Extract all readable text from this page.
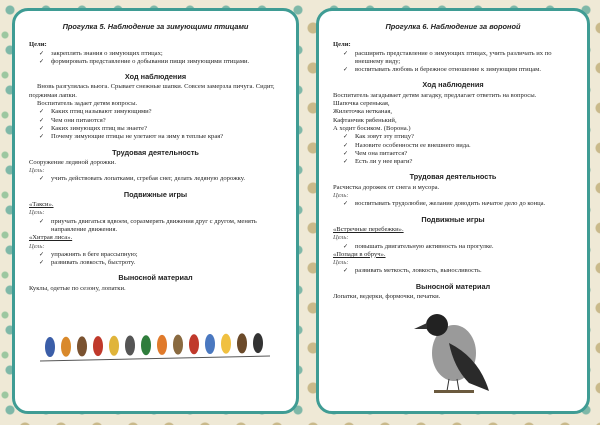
Прогулка 5. Наблюдение за зимующими птицами

Цели:

✓ закреплять знания о зимующих птицах;
✓ формировать представление о добывании пищи зимующими птицами.
Ход наблюдения

Вновь разгулялась вьюга. Срывает снежные шапки. Совсем замерзла пичуга. Сидит, поджимая лапки.

Воспитатель задает детям вопросы.

✓ Каких птиц называют зимующими?
✓ Чем они питаются?
✓ Каких зимующих птиц вы знаете?
✓ Почему зимующие птицы не улетают на зиму в теплые края?
Трудовая деятельность

Сооружение ледяной дорожки.

Цель:

✓ учить действовать лопатками, сгребая снег, делать ледяную дорожку.
Подвижные игры

«Такси».

Цель:

✓ приучать двигаться вдвоем, соразмерять движения друг с другом, менять направление движения.

«Хитрая лиса».

Цель:

✓ упражнять в беге врассыпную;
✓ развивать ловкость, быстроту.
Выносной материал

Куклы, одетые по сезону, лопатки.

Прогулка 6. Наблюдение за вороной

Цели:

✓ расширять представление о зимующих птицах, учить различать их по внешнему виду;
✓ воспитывать любовь и бережное отношение к зимующим птицам.
Ход наблюдения

Воспитатель загадывает детям загадку, предлагает ответить на вопросы.

Шапочка серенькая,

Жилеточка нетканая,

Кафтанчик рябенький,

А ходит босиком. (Ворона.)

✓ Как зовут эту птицу?
✓ Назовите особенности ее внешнего вида.
✓ Чем она питается?
✓ Есть ли у нее враги?
Трудовая деятельность

Расчистка дорожек от снега и мусора.

Цель:

✓ воспитывать трудолюбие, желание доводить начатое дело до конца.
Подвижные игры

«Встречные перебежки».

Цель:

✓ повышать двигательную активность на прогулке.

«Попади в обруч».

Цель:

✓ развивать меткость, ловкость, выносливость.
Выносной материал

Лопатки, ведерки, формочки, печатки.
